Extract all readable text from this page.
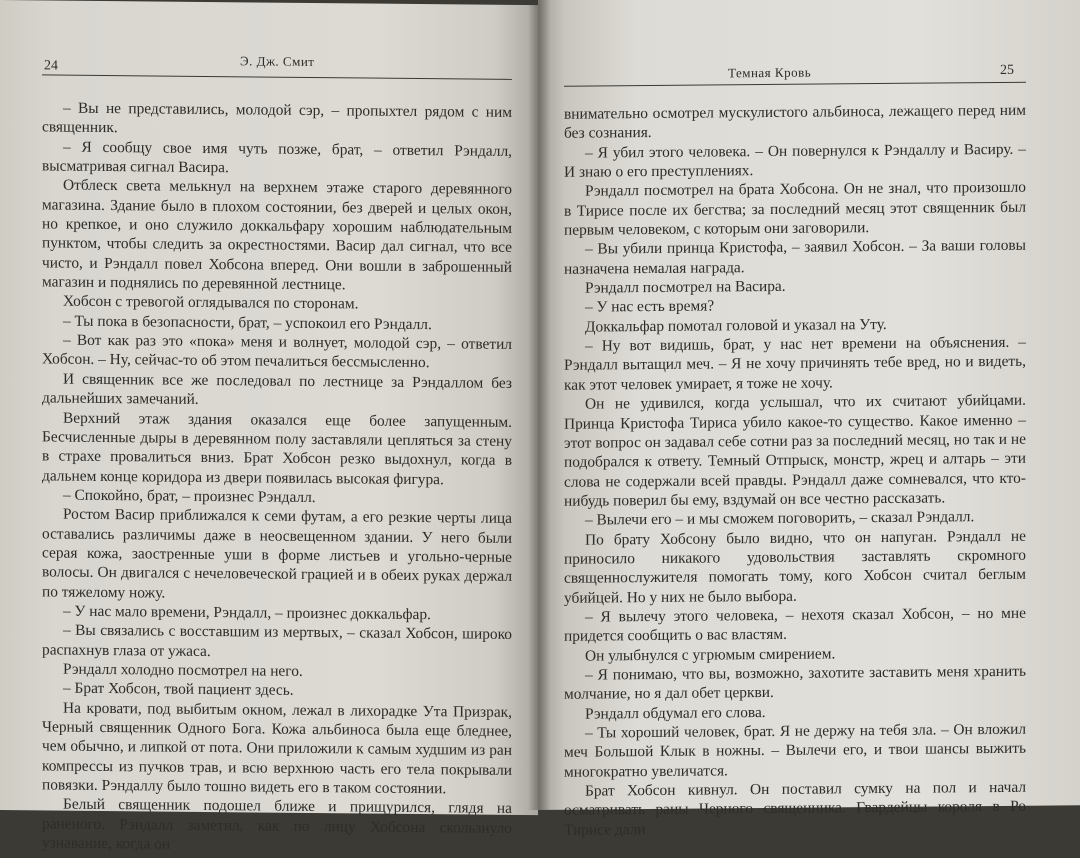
24	Э. Дж. Смит

– Вы не представились, молодой сэр, – пропыхтел рядом с ним священник.

– Я сообщу свое имя чуть позже, брат, – ответил Рэндалл, высматривая сигнал Васира.

Отблеск света мелькнул на верхнем этаже старого деревянного магазина. Здание было в плохом состоянии, без дверей и целых окон, но крепкое, и оно служило доккальфару хорошим наблюдательным пунктом, чтобы следить за окрестностями. Васир дал сигнал, что все чисто, и Рэндалл повел Хобсона вперед. Они вошли в заброшенный магазин и поднялись по деревянной лестнице.

Хобсон с тревогой оглядывался по сторонам.

– Ты пока в безопасности, брат, – успокоил его Рэндалл.

– Вот как раз это «пока» меня и волнует, молодой сэр, – ответил Хобсон. – Ну, сейчас-то об этом печалиться бессмысленно.

И священник все же последовал по лестнице за Рэндаллом без дальнейших замечаний.

Верхний этаж здания оказался еще более запущенным. Бесчисленные дыры в деревянном полу заставляли цепляться за стену в страхе провалиться вниз. Брат Хобсон резко выдохнул, когда в дальнем конце коридора из двери появилась высокая фигура.

– Спокойно, брат, – произнес Рэндалл.

Ростом Васир приближался к семи футам, а его резкие черты лица оставались различимы даже в неосвещенном здании. У него были серая кожа, заостренные уши в форме листьев и угольно-черные волосы. Он двигался с нечеловеческой грацией и в обеих руках держал по тяжелому ножу.

– У нас мало времени, Рэндалл, – произнес доккальфар.

– Вы связались с восставшим из мертвых, – сказал Хобсон, широко распахнув глаза от ужаса.

Рэндалл холодно посмотрел на него.

– Брат Хобсон, твой пациент здесь.

На кровати, под выбитым окном, лежал в лихорадке Ута Призрак, Черный священник Одного Бога. Кожа альбиноса была еще бледнее, чем обычно, и липкой от пота. Они приложили к самым худшим из ран компрессы из пучков трав, и всю верхнюю часть его тела покрывали повязки. Рэндаллу было тошно видеть его в таком состоянии.

Белый священник подошел ближе и прищурился, глядя на раненого. Рэндалл заметил, как по лицу Хобсона скользнуло узнавание, когда он

Темная Кровь	25

внимательно осмотрел мускулистого альбиноса, лежащего перед ним без сознания.

– Я убил этого человека. – Он повернулся к Рэндаллу и Васиру. – И знаю о его преступлениях.

Рэндалл посмотрел на брата Хобсона. Он не знал, что произошло в Тирисе после их бегства; за последний месяц этот священник был первым человеком, с которым они заговорили.

– Вы убили принца Кристофа, – заявил Хобсон. – За ваши головы назначена немалая награда.

Рэндалл посмотрел на Васира.

– У нас есть время?

Доккальфар помотал головой и указал на Уту.

– Ну вот видишь, брат, у нас нет времени на объяснения. – Рэндалл вытащил меч. – Я не хочу причинять тебе вред, но и видеть, как этот человек умирает, я тоже не хочу.

Он не удивился, когда услышал, что их считают убийцами. Принца Кристофа Тириса убило какое-то существо. Какое именно – этот вопрос он задавал себе сотни раз за последний месяц, но так и не подобрался к ответу. Темный Отпрыск, монстр, жрец и алтарь – эти слова не содержали всей правды. Рэндалл даже сомневался, что кто-нибудь поверил бы ему, вздумай он все честно рассказать.

– Вылечи его – и мы сможем поговорить, – сказал Рэндалл.

По брату Хобсону было видно, что он напуган. Рэндалл не приносило никакого удовольствия заставлять скромного священнослужителя помогать тому, кого Хобсон считал беглым убийцей. Но у них не было выбора.

– Я вылечу этого человека, – нехотя сказал Хобсон, – но мне придется сообщить о вас властям.

Он улыбнулся с угрюмым смирением.

– Я понимаю, что вы, возможно, захотите заставить меня хранить молчание, но я дал обет церкви.

Рэндалл обдумал его слова.

– Ты хороший человек, брат. Я не держу на тебя зла. – Он вложил меч Большой Клык в ножны. – Вылечи его, и твои шансы выжить многократно увеличатся.

Брат Хобсон кивнул. Он поставил сумку на пол и начал осматривать раны Черного священника. Гвардейцы короля в Ро Тирисе дали
